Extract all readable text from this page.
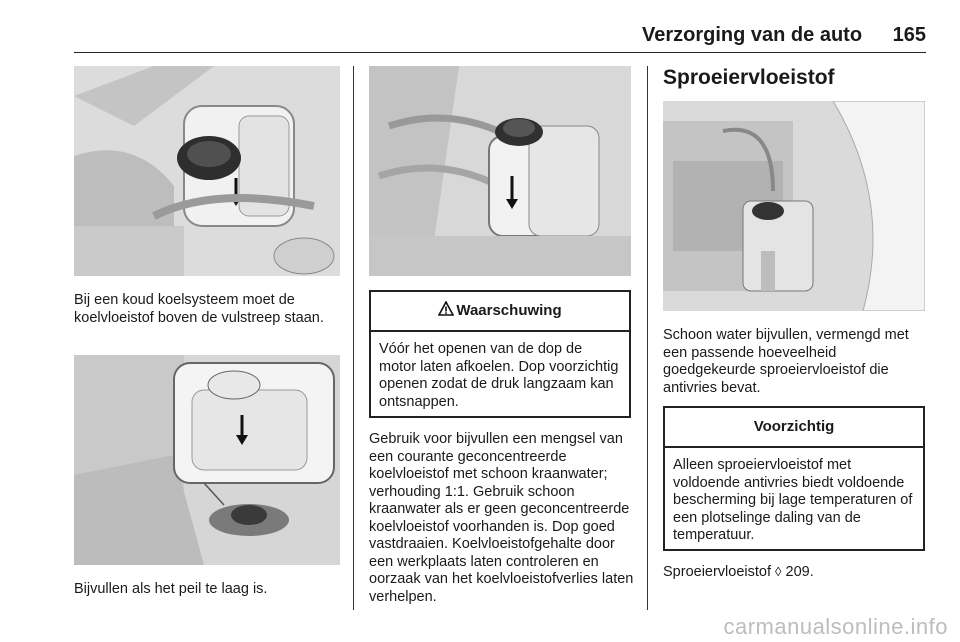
Verzorging van de auto 165
Bij een koud koelsysteem moet de koelvloeistof boven de vulstreep staan.
Bijvullen als het peil te laag is.
Waarschuwing
Vóór het openen van de dop de motor laten afkoelen. Dop voorzichtig openen zodat de druk langzaam kan ontsnappen.
Gebruik voor bijvullen een mengsel van een courante geconcentreerde koelvloeistof met schoon kraanwater; verhouding 1:1. Gebruik schoon kraanwater als er geen geconcentreerde koelvloeistof voorhanden is. Dop goed vastdraaien. Koelvloeistofgehalte door een werkplaats laten controleren en oorzaak van het koelvloeistofverlies laten verhelpen.
Sproeiervloeistof
Schoon water bijvullen, vermengd met een passende hoeveelheid goedgekeurde sproeiervloeistof die antivries bevat.
Voorzichtig
Alleen sproeiervloeistof met voldoende antivries biedt voldoende bescherming bij lage temperaturen of een plotselinge daling van de temperatuur.
Sproeiervloeistof ◊ 209.
carmanualsonline.info
